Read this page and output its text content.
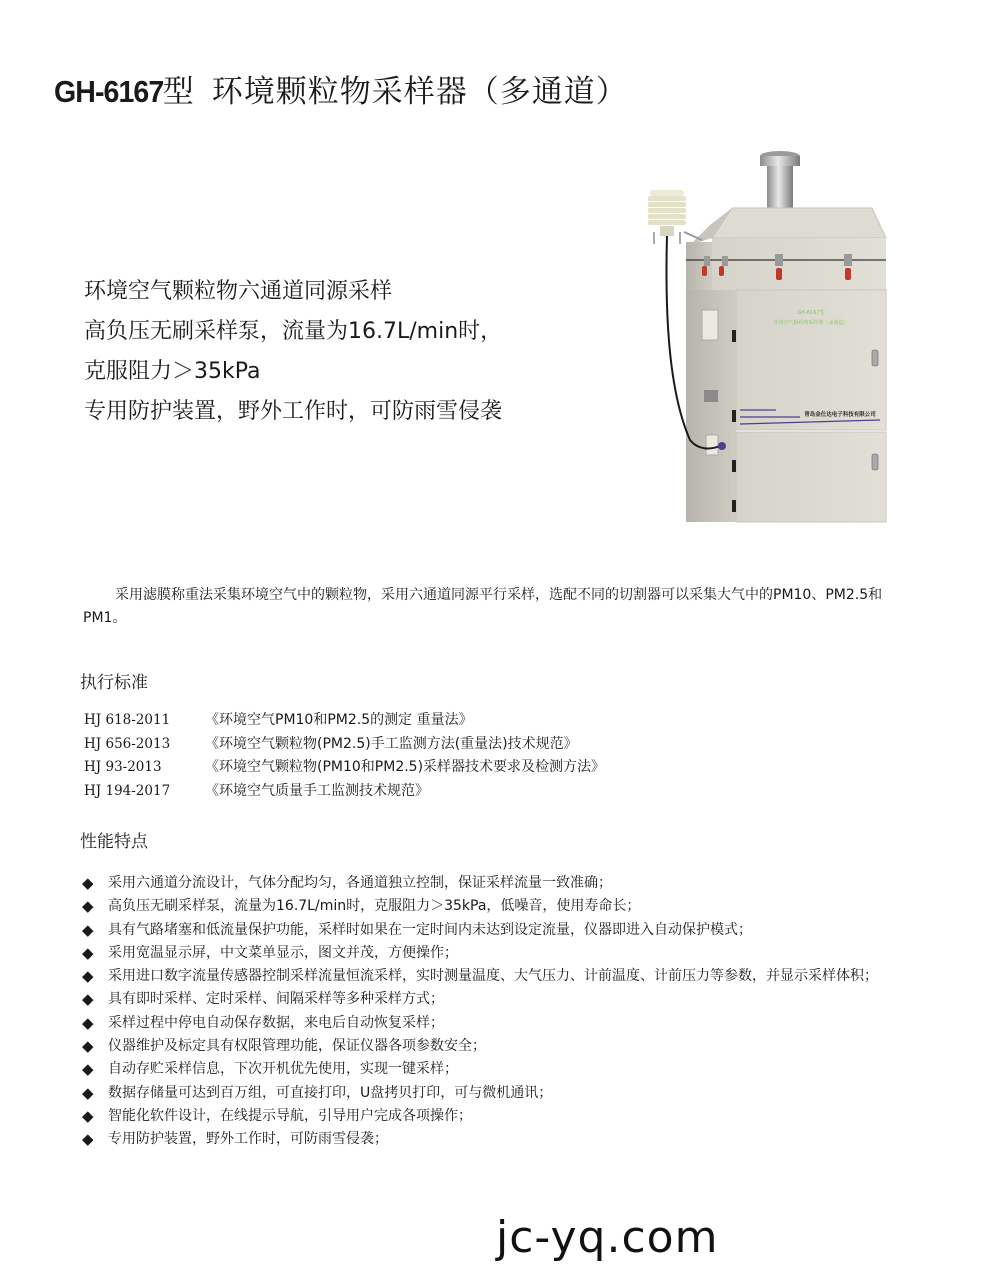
GH-6167型 环境颗粒物采样器（多通道）
环境空气颗粒物六通道同源采样
高负压无刷采样泵，流量为16.7L/min时，
克服阻力＞35kPa
专用防护装置，野外工作时，可防雨雪侵袭
GH-6167型
环境空气颗粒物采样器（多通道）
青岛金仕达电子科技有限公司
采用滤膜称重法采集环境空气中的颗粒物，采用六通道同源平行采样，选配不同的切割器可以采集大气中的PM10、PM2.5和PM1。
执行标准
HJ 618-2011	《环境空气PM10和PM2.5的测定 重量法》
HJ 656-2013	《环境空气颗粒物(PM2.5)手工监测方法(重量法)技术规范》
HJ 93-2013	《环境空气颗粒物(PM10和PM2.5)采样器技术要求及检测方法》
HJ 194-2017	《环境空气质量手工监测技术规范》
性能特点
◆	采用六通道分流设计，气体分配均匀，各通道独立控制，保证采样流量一致准确；
◆	高负压无刷采样泵，流量为16.7L/min时，克服阻力＞35kPa，低噪音，使用寿命长；
◆	具有气路堵塞和低流量保护功能，采样时如果在一定时间内未达到设定流量，仪器即进入自动保护模式；
◆	采用宽温显示屏，中文菜单显示，图文并茂，方便操作；
◆	采用进口数字流量传感器控制采样流量恒流采样，实时测量温度、大气压力、计前温度、计前压力等参数，并显示采样体积；
◆	具有即时采样、定时采样、间隔采样等多种采样方式；
◆	采样过程中停电自动保存数据，来电后自动恢复采样；
◆	仪器维护及标定具有权限管理功能，保证仪器各项参数安全；
◆	自动存贮采样信息，下次开机优先使用，实现一键采样；
◆	数据存储量可达到百万组，可直接打印，U盘拷贝打印，可与微机通讯；
◆	智能化软件设计，在线提示导航，引导用户完成各项操作；
◆	专用防护装置，野外工作时，可防雨雪侵袭；
jc-yq.com
